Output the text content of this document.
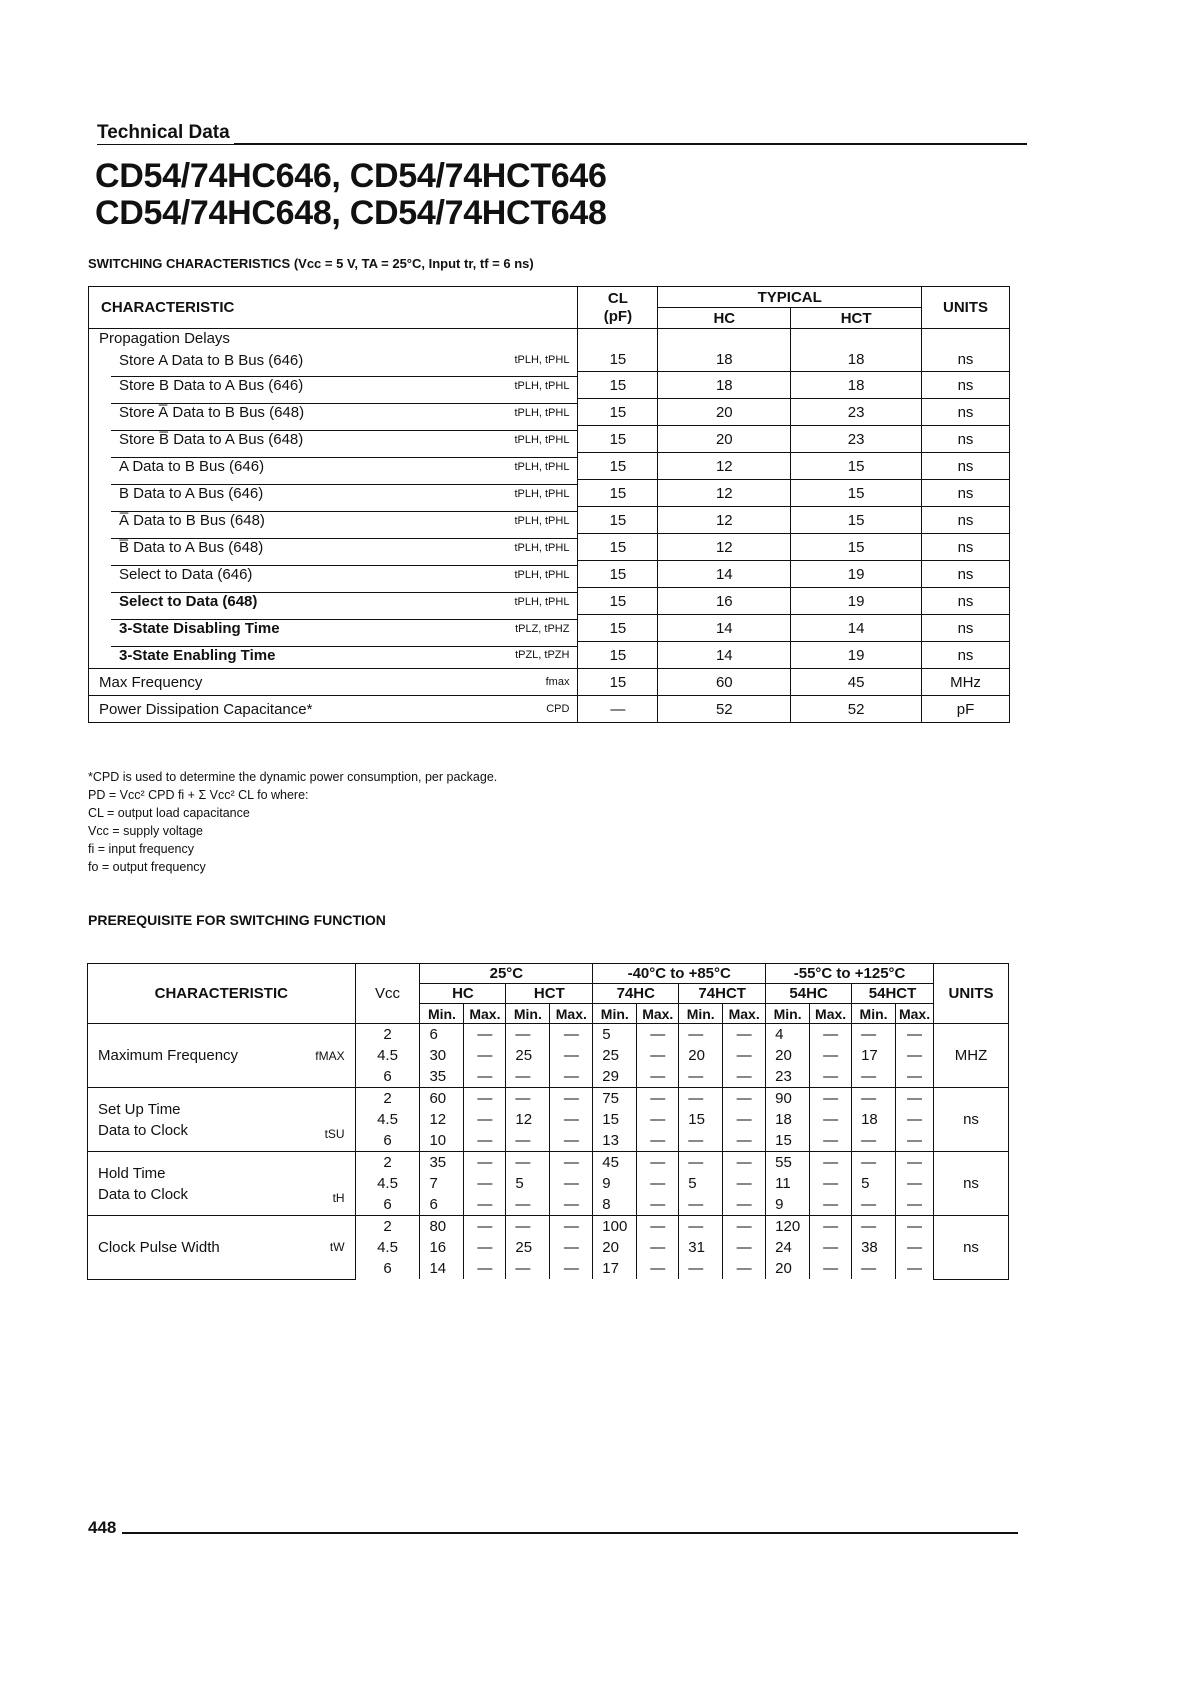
Technical Data
CD54/74HC646, CD54/74HCT646
CD54/74HC648, CD54/74HCT648
SWITCHING CHARACTERISTICS (Vcc = 5 V, TA = 25°C, Input tr, tf = 6 ns)
CHARACTERISTIC	CL
(pF)	TYPICAL		UNITS
		HC	HCT	
Propagation Delays				

Store A Data to B Bus (646) tPLH, tPHL	15	18	18	ns

Store B Data to A Bus (646) tPLH, tPHL	15	18	18	ns

Store A̅ Data to B Bus (648) tPLH, tPHL	15	20	23	ns

Store B̅ Data to A Bus (648) tPLH, tPHL	15	20	23	ns

A Data to B Bus (646) tPLH, tPHL	15	12	15	ns

B Data to A Bus (646) tPLH, tPHL	15	12	15	ns

A̅ Data to B Bus (648) tPLH, tPHL	15	12	15	ns

B̅ Data to A Bus (648) tPLH, tPHL	15	12	15	ns

Select to Data (646) tPLH, tPHL	15	14	19	ns

Select to Data (648) tPLH, tPHL	15	16	19	ns

3-State Disabling Time tPLZ, tPHZ	15	14	14	ns

3-State Enabling Time tPZL, tPZH	15	14	19	ns

Max Frequency fmax	15	60	45	MHz

Power Dissipation Capacitance* CPD	—	52	52	pF
*CPD is used to determine the dynamic power consumption, per package.
PD = Vcc² CPD fi + Σ Vcc² CL fo where:
CL = output load capacitance
Vcc = supply voltage
fi = input frequency
fo = output frequency
PREREQUISITE FOR SWITCHING FUNCTION
CHARACTERISTIC	Vcc	25°C				-40°C to +85°C				-55°C to +125°C				UNITS
		HC		HCT		74HC		74HCT		54HC		54HCT		
		Min.	Max.	Min.	Max.	Min.	Max.	Min.	Max.	Min.	Max.	Min.	Max.	

Maximum Frequency fMAX	2	6	—	—	—	5	—	—	—	4	—	—	—	MHZ
	4.5	30	—	25	—	25	—	20	—	20	—	17	—	
	6	35	—	—	—	29	—	—	—	23	—	—	—	

Set Up Time
Data to Clock tSU	2	60	—	—	—	75	—	—	—	90	—	—	—	ns
	4.5	12	—	12	—	15	—	15	—	18	—	18	—	
	6	10	—	—	—	13	—	—	—	15	—	—	—	

Hold Time
Data to Clock tH	2	35	—	—	—	45	—	—	—	55	—	—	—	ns
	4.5	7	—	5	—	9	—	5	—	11	—	5	—	
	6	6	—	—	—	8	—	—	—	9	—	—	—	

Clock Pulse Width tW	2	80	—	—	—	100	—	—	—	120	—	—	—	ns
	4.5	16	—	25	—	20	—	31	—	24	—	38	—	
	6	14	—	—	—	17	—	—	—	20	—	—	—	
448
